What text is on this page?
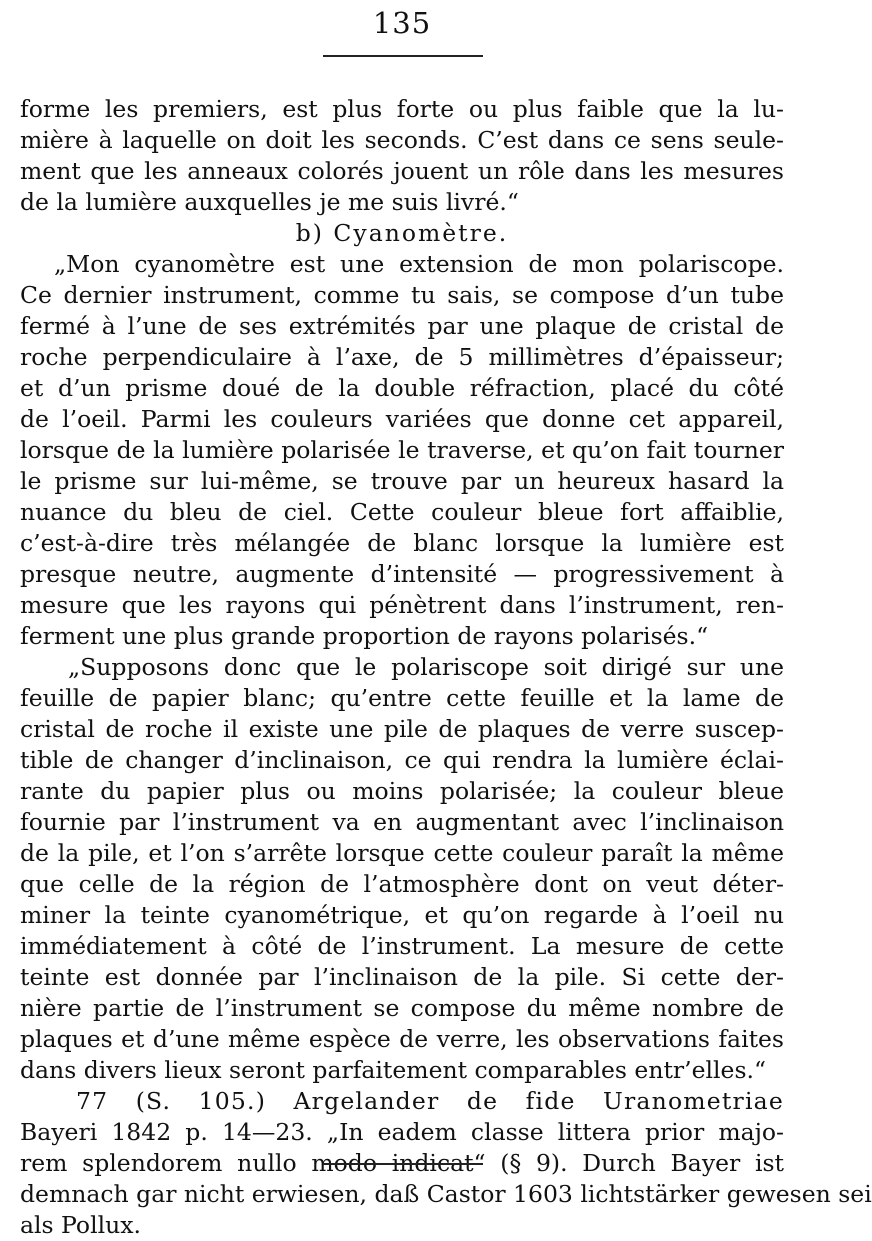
135
forme les premiers, est plus forte ou plus faible que la lu-
mière à laquelle on doit les seconds. C’est dans ce sens seule-
ment que les anneaux colorés jouent un rôle dans les mesures
de la lumière auxquelles je me suis livré.“
b) Cyanomètre.
„Mon cyanomètre est une extension de mon polariscope.
Ce dernier instrument, comme tu sais, se compose d’un tube
fermé à l’une de ses extrémités par une plaque de cristal de
roche perpendiculaire à l’axe, de 5 millimètres d’épaisseur;
et d’un prisme doué de la double réfraction, placé du côté
de l’oeil. Parmi les couleurs variées que donne cet appareil,
lorsque de la lumière polarisée le traverse, et qu’on fait tourner
le prisme sur lui-même, se trouve par un heureux hasard la
nuance du bleu de ciel. Cette couleur bleue fort affaiblie,
c’est-à-dire très mélangée de blanc lorsque la lumière est
presque neutre, augmente d’intensité — progressivement à
mesure que les rayons qui pénètrent dans l’instrument, ren-
ferment une plus grande proportion de rayons polarisés.“
„Supposons donc que le polariscope soit dirigé sur une
feuille de papier blanc; qu’entre cette feuille et la lame de
cristal de roche il existe une pile de plaques de verre suscep-
tible de changer d’inclinaison, ce qui rendra la lumière éclai-
rante du papier plus ou moins polarisée; la couleur bleue
fournie par l’instrument va en augmentant avec l’inclinaison
de la pile, et l’on s’arrête lorsque cette couleur paraît la même
que celle de la région de l’atmosphère dont on veut déter-
miner la teinte cyanométrique, et qu’on regarde à l’oeil nu
immédiatement à côté de l’instrument. La mesure de cette
teinte est donnée par l’inclinaison de la pile. Si cette der-
nière partie de l’instrument se compose du même nombre de
plaques et d’une même espèce de verre, les observations faites
dans divers lieux seront parfaitement comparables entr’elles.“
77 (S. 105.) Argelander de fide Uranometriae
Bayeri 1842 p. 14—23. „In eadem classe littera prior majo-
rem splendorem nullo modo indicat“ (§ 9). Durch Bayer ist
demnach gar nicht erwiesen, daß Castor 1603 lichtstärker gewesen sei
als Pollux.
